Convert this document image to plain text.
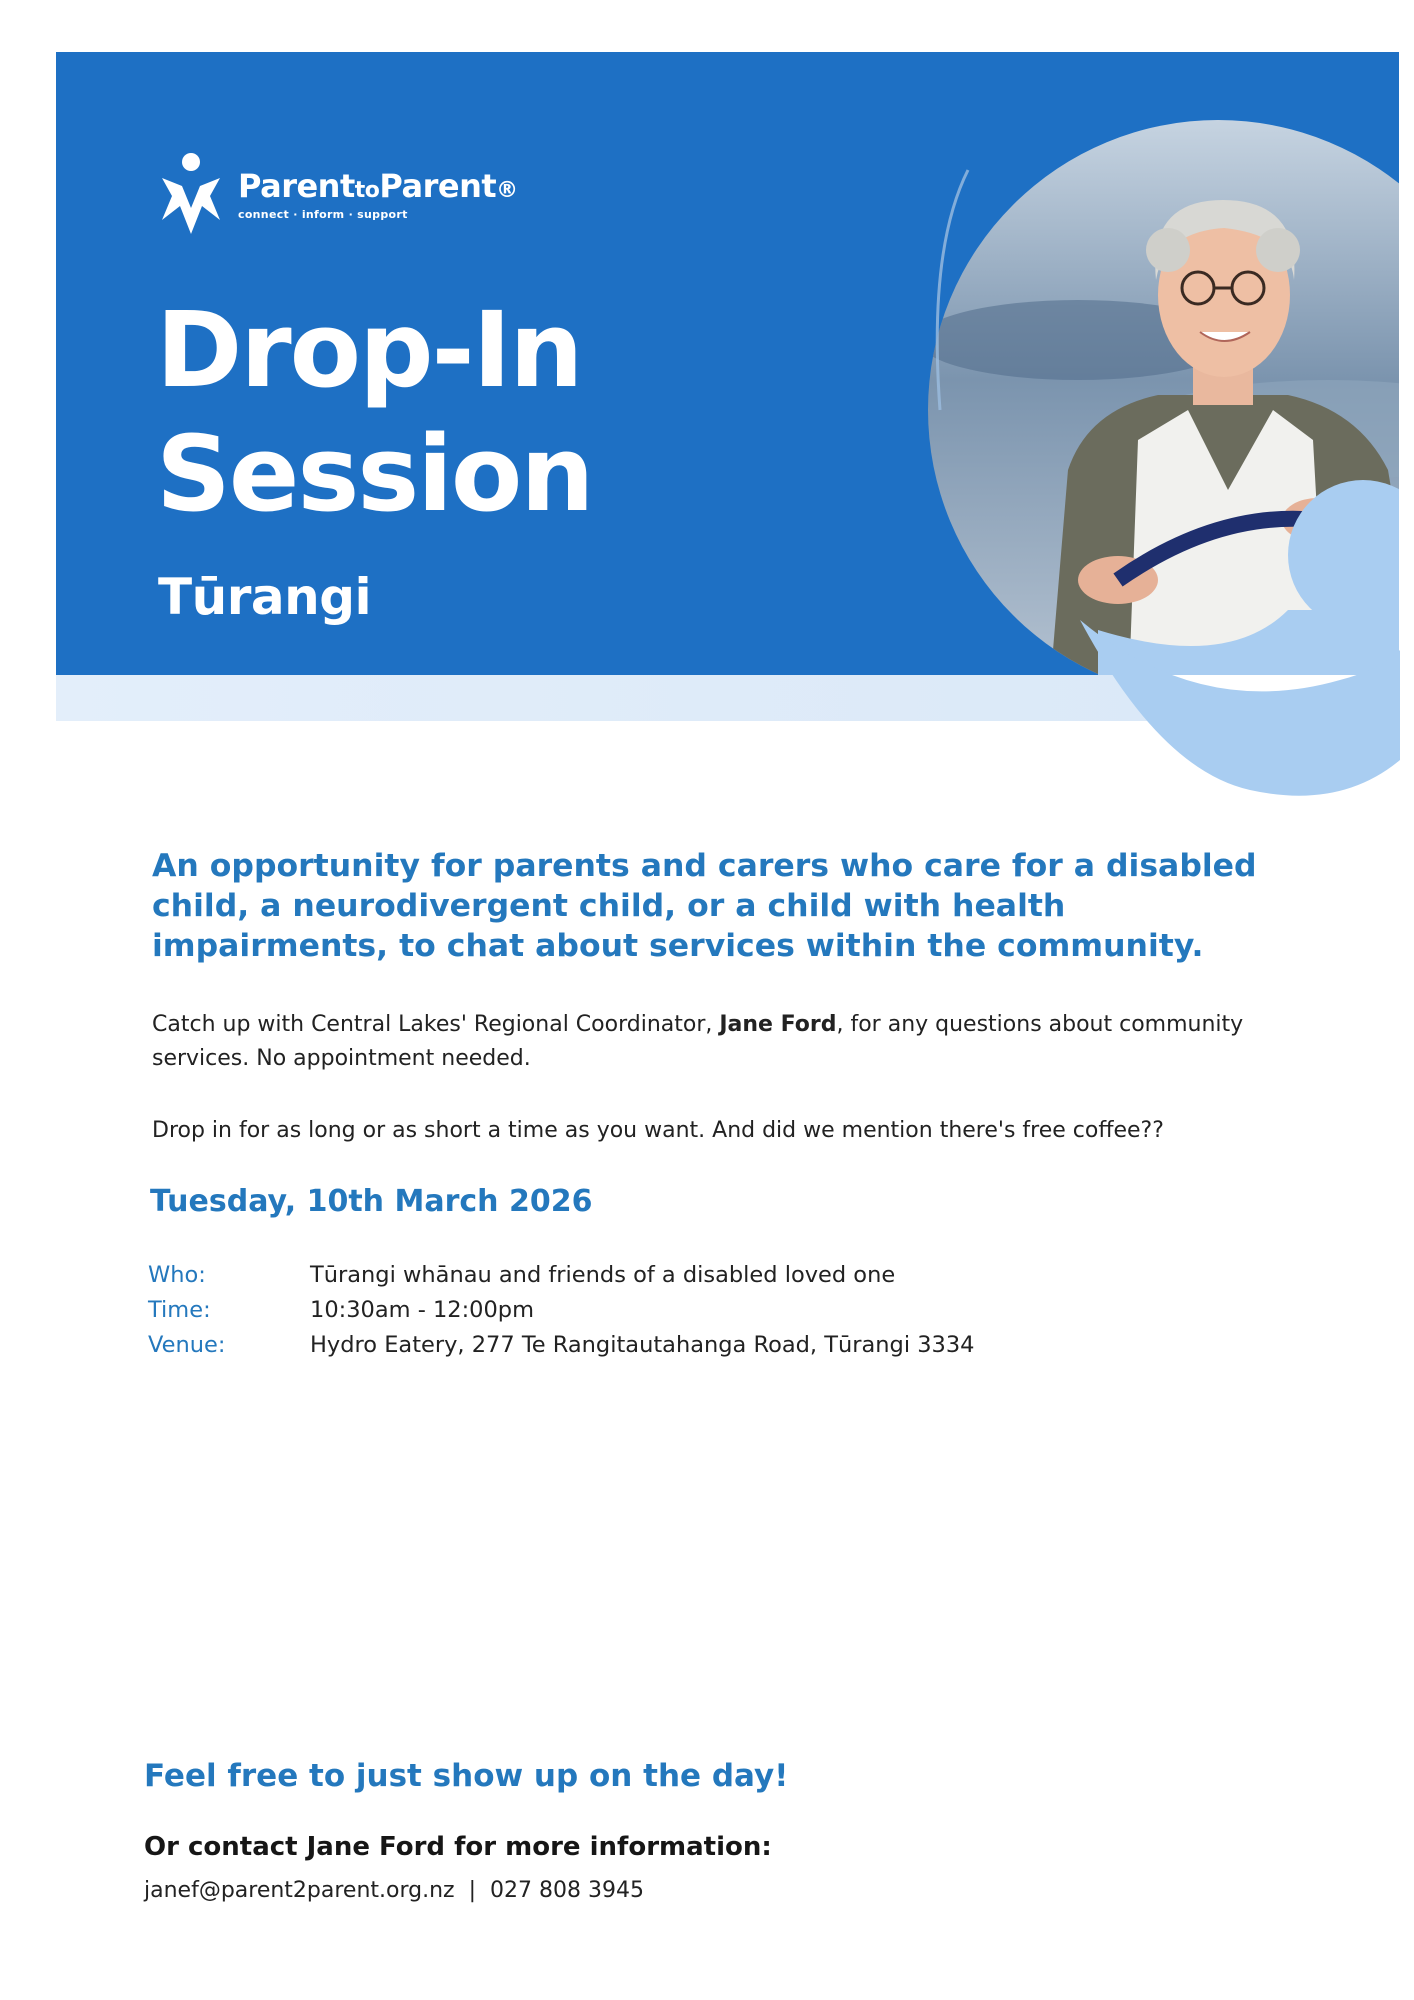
ParenttoParent®
connect · inform · support
Drop-In
Session
Tūrangi
An opportunity for parents and carers who care for a disabled child, a neurodivergent child, or a child with health impairments, to chat about services within the community.
Catch up with Central Lakes' Regional Coordinator, Jane Ford, for any questions about community services. No appointment needed.
Drop in for as long or as short a time as you want. And did we mention there's free coffee??
Tuesday, 10th March 2026
Who:	Tūrangi whānau and friends of a disabled loved one
Time:	10:30am - 12:00pm
Venue:	Hydro Eatery, 277 Te Rangitautahanga Road, Tūrangi 3334
Feel free to just show up on the day!
Or contact Jane Ford for more information:
janef@parent2parent.org.nz | 027 808 3945
